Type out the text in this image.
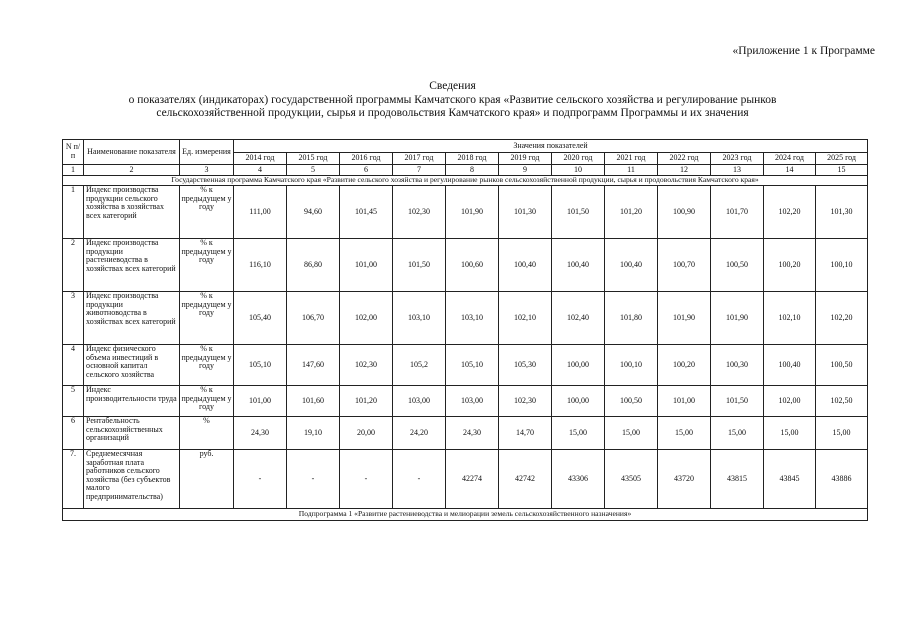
«Приложение 1 к Программе
Сведения
о показателях (индикаторах) государственной программы Камчатского края «Развитие сельского хозяйства и регулирование рынков
сельскохозяйственной продукции, сырья и продовольствия Камчатского края» и подпрограмм Программы и их значения
N п/п	Наименование показателя	Ед. измерения	Значения показателей											
			2014 год	2015 год	2016 год	2017 год	2018 год	2019 год	2020 год	2021 год	2022 год	2023 год	2024 год	2025 год
1	2	3	4	5	6	7	8	9	10	11	12	13	14	15
Государственная программа Камчатского края «Развитие сельского хозяйства и регулирование рынков сельскохозяйственной продукции, сырья и продовольствия Камчатского края»														
1	Индекс производства продукции сельского хозяйства в хозяйствах всех категорий	% к предыдущем у году	111,00	94,60	101,45	102,30	101,90	101,30	101,50	101,20	100,90	101,70	102,20	101,30
2	Индекс производства продукции растениеводства в хозяйствах всех категорий	% к предыдущем у году	116,10	86,80	101,00	101,50	100,60	100,40	100,40	100,40	100,70	100,50	100,20	100,10
3	Индекс производства продукции животноводства в хозяйствах всех категорий	% к предыдущем у году	105,40	106,70	102,00	103,10	103,10	102,10	102,40	101,80	101,90	101,90	102,10	102,20
4	Индекс физического объема инвестиций в основной капитал сельского хозяйства	% к предыдущем у году	105,10	147,60	102,30	105,2	105,10	105,30	100,00	100,10	100,20	100,30	100,40	100,50
5	Индекс производительности труда	% к предыдущем у году	101,00	101,60	101,20	103,00	103,00	102,30	100,00	100,50	101,00	101,50	102,00	102,50
6	Рентабельность сельскохозяйственных организаций	%	24,30	19,10	20,00	24,20	24,30	14,70	15,00	15,00	15,00	15,00	15,00	15,00
7.	Среднемесячная заработная плата работников сельского хозяйства (без субъектов малого предпринимательства)	руб.	-	-	-	-	42274	42742	43306	43505	43720	43815	43845	43886
Подпрограмма 1 «Развитие растениеводства и мелиорации земель сельскохозяйственного назначения»														
